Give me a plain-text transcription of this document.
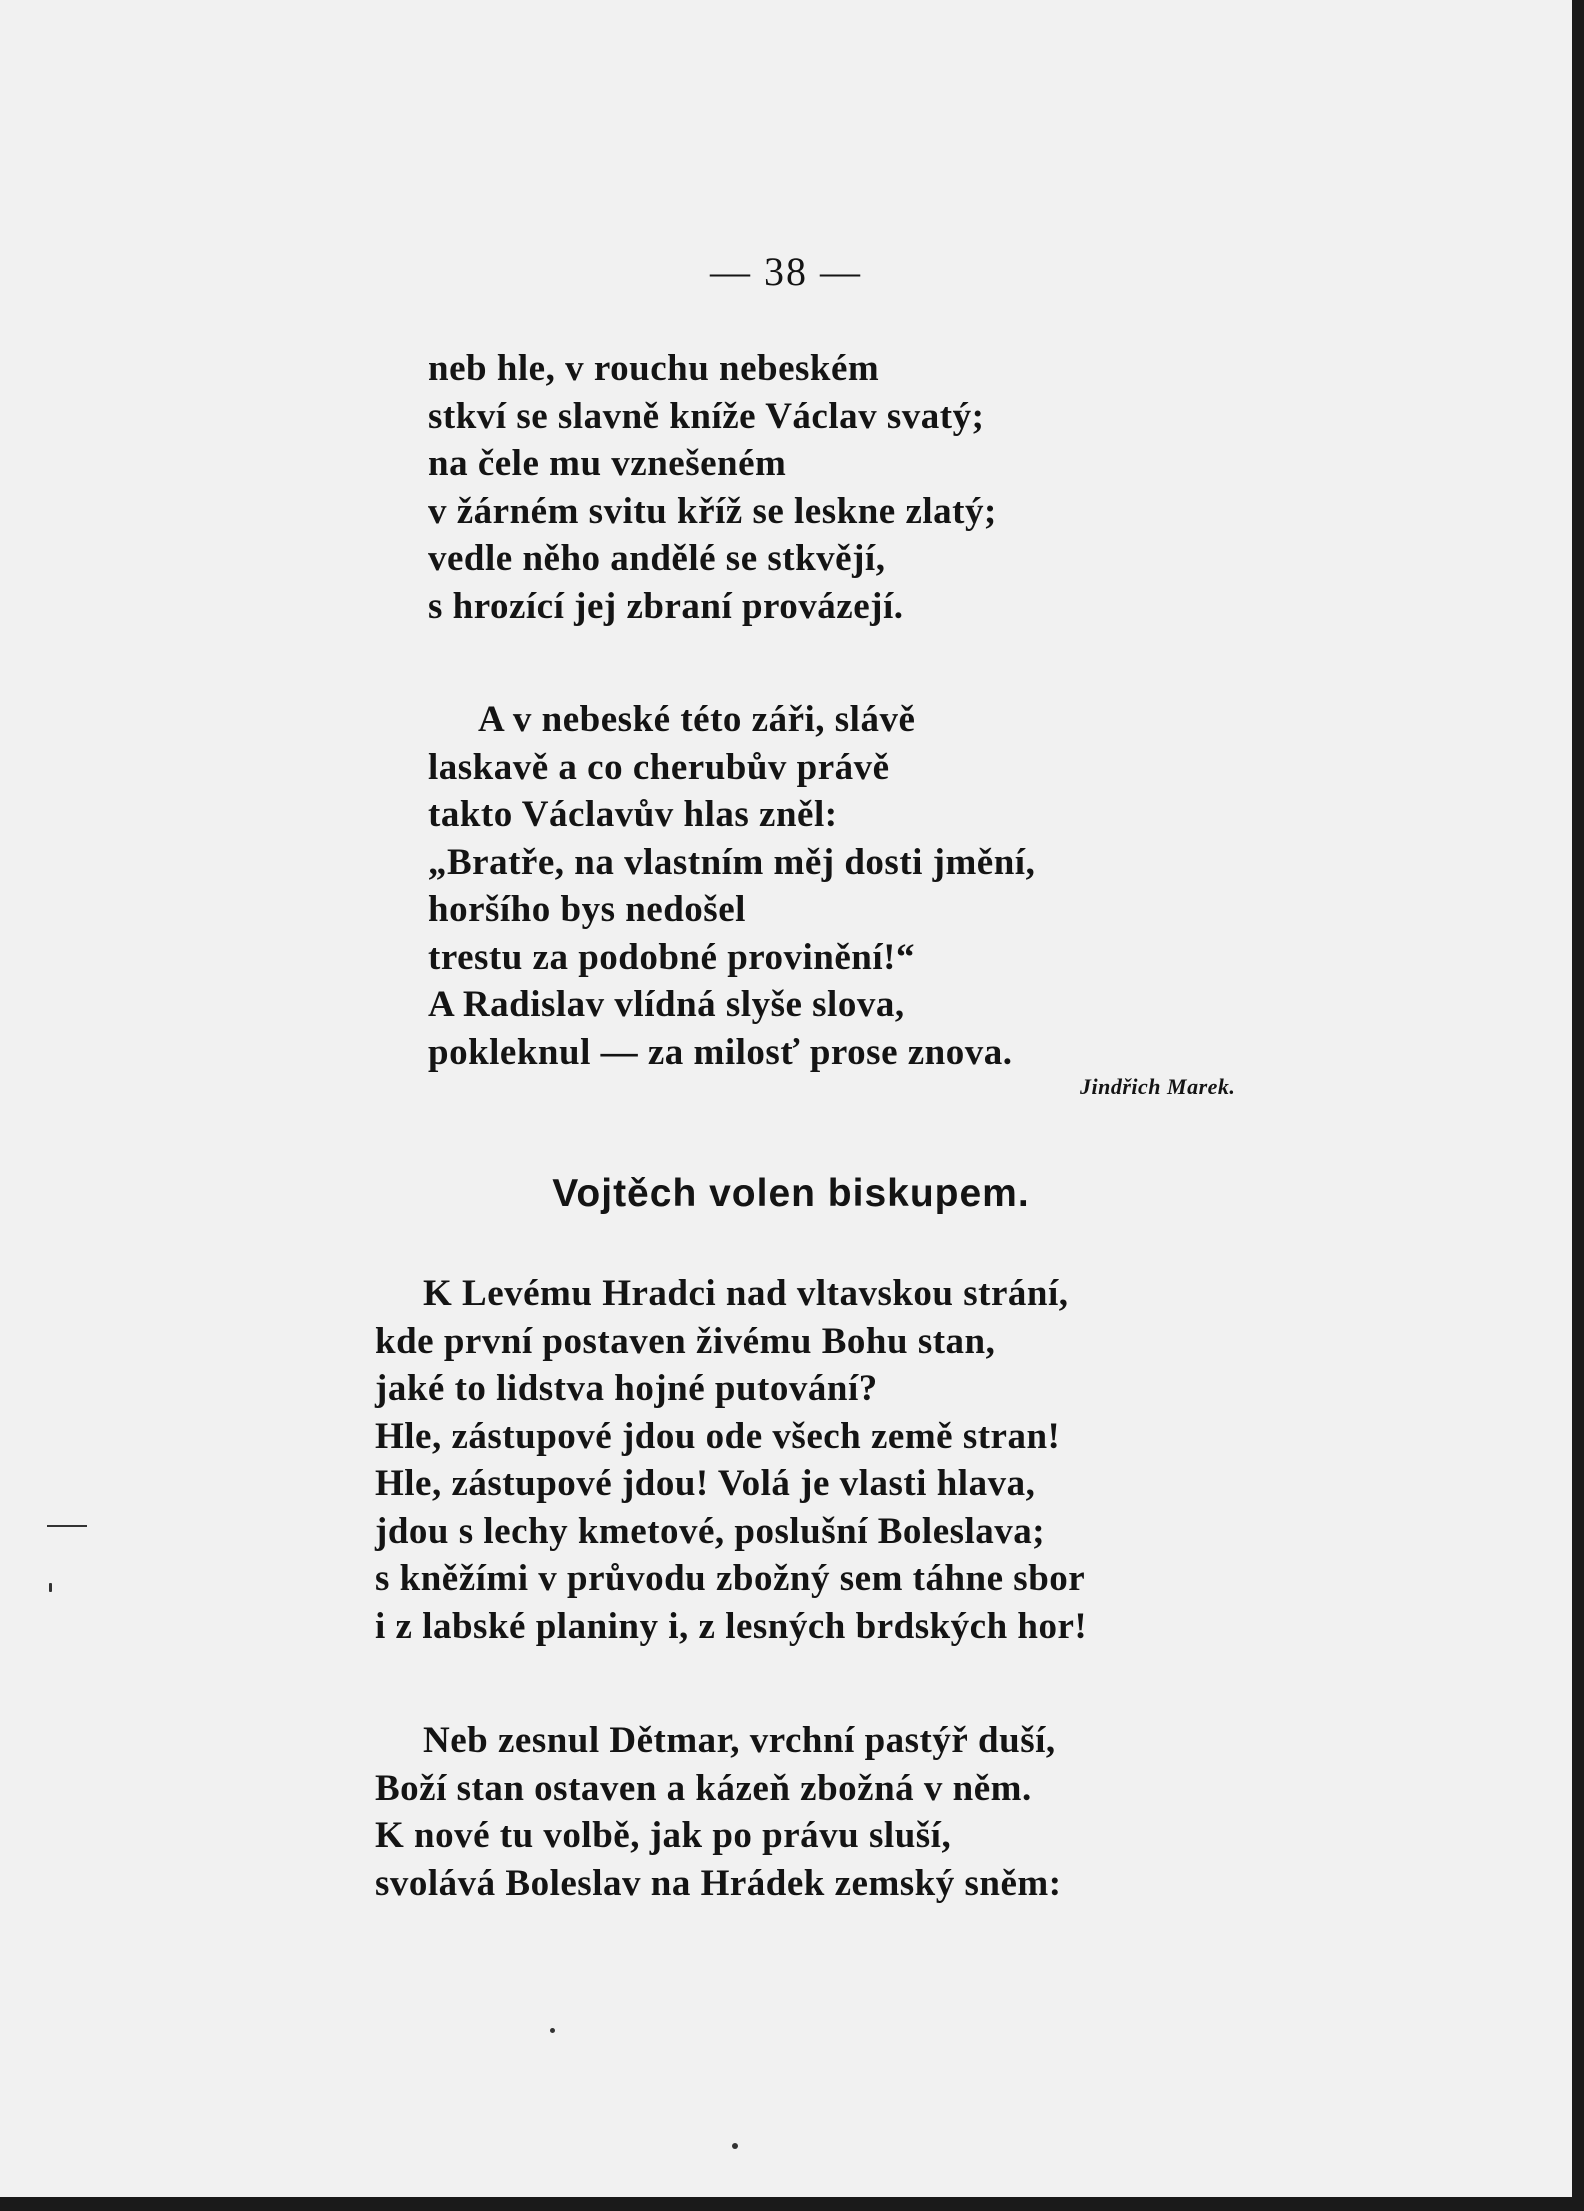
— 38 —
neb hle, v rouchu nebeském
stkví se slavně kníže Václav svatý;
na čele mu vznešeném
v žárném svitu kříž se leskne zlatý;
vedle něho andělé se stkvějí,
s hrozící jej zbraní provázejí.
A v nebeské této záři, slávě
laskavě a co cherubův právě
takto Václavův hlas zněl:
„Bratře, na vlastním měj dosti jmění,
horšího bys nedošel
trestu za podobné provinění!“
A Radislav vlídná slyše slova,
pokleknul — za milosť prose znova.
Jindřich Marek.
Vojtěch volen biskupem.
K Levému Hradci nad vltavskou strání,
kde první postaven živému Bohu stan,
jaké to lidstva hojné putování?
Hle, zástupové jdou ode všech země stran!
Hle, zástupové jdou! Volá je vlasti hlava,
jdou s lechy kmetové, poslušní Boleslava;
s kněžími v průvodu zbožný sem táhne sbor
i z labské planiny i, z lesných brdských hor!
Neb zesnul Dětmar, vrchní pastýř duší,
Boží stan ostaven a kázeň zbožná v něm.
K nové tu volbě, jak po právu sluší,
svolává Boleslav na Hrádek zemský sněm:
